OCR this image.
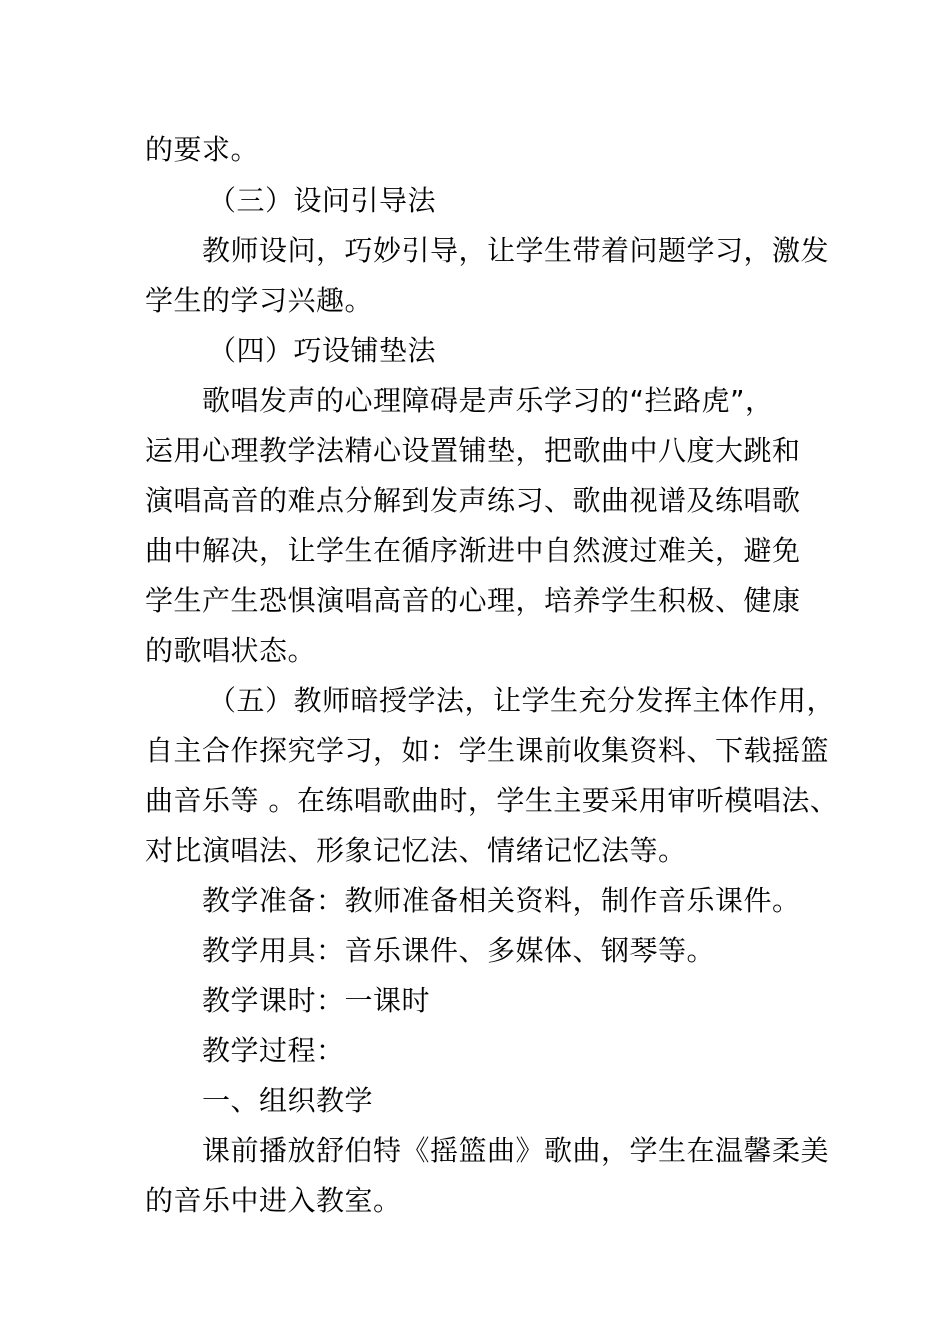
的要求。
（三）设问引导法
教师设问，巧妙引导，让学生带着问题学习，激发
学生的学习兴趣。
（四）巧设铺垫法
歌唱发声的心理障碍是声乐学习的“拦路虎”，
运用心理教学法精心设置铺垫，把歌曲中八度大跳和
演唱高音的难点分解到发声练习、歌曲视谱及练唱歌
曲中解决，让学生在循序渐进中自然渡过难关，避免
学生产生恐惧演唱高音的心理，培养学生积极、健康
的歌唱状态。
（五）教师暗授学法，让学生充分发挥主体作用，
自主合作探究学习，如：学生课前收集资料、下载摇篮
曲音乐等 。在练唱歌曲时，学生主要采用审听模唱法、
对比演唱法、形象记忆法、情绪记忆法等。
教学准备：教师准备相关资料，制作音乐课件。
教学用具：音乐课件、多媒体、钢琴等。
教学课时：一课时
教学过程：
一、组织教学
课前播放舒伯特《摇篮曲》歌曲，学生在温馨柔美
的音乐中进入教室。
